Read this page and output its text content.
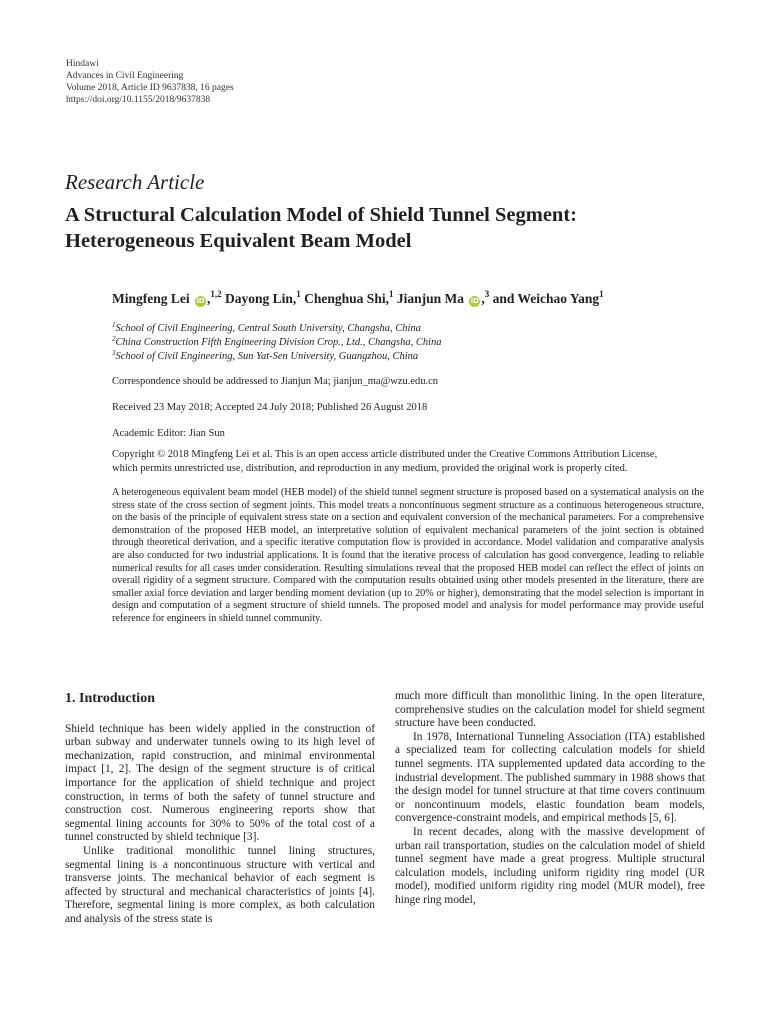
Hindawi
Advances in Civil Engineering
Volume 2018, Article ID 9637838, 16 pages
https://doi.org/10.1155/2018/9637838
Research Article
A Structural Calculation Model of Shield Tunnel Segment:
Heterogeneous Equivalent Beam Model
Mingfeng Lei iD ,$^{1,2}$ Dayong Lin,$^1$ Chenghua Shi,$^1$ Jianjun Ma iD ,$^3$ and Weichao Yang$^1$
$^1$School of Civil Engineering, Central South University, Changsha, China
$^2$China Construction Fifth Engineering Division Crop., Ltd., Changsha, China
$^3$School of Civil Engineering, Sun Yat-Sen University, Guangzhou, China
Correspondence should be addressed to Jianjun Ma; jianjun_ma@wzu.edu.cn
Received 23 May 2018; Accepted 24 July 2018; Published 26 August 2018
Academic Editor: Jian Sun
Copyright © 2018 Mingfeng Lei et al. This is an open access article distributed under the Creative Commons Attribution License,
which permits unrestricted use, distribution, and reproduction in any medium, provided the original work is properly cited.
A heterogeneous equivalent beam model (HEB model) of the shield tunnel segment structure is proposed based on a systematical analysis on the stress state of the cross section of segment joints. This model treats a noncontinuous segment structure as a continuous heterogeneous structure, on the basis of the principle of equivalent stress state on a section and equivalent conversion of the mechanical parameters. For a comprehensive demonstration of the proposed HEB model, an interpretative solution of equivalent mechanical parameters of the joint section is obtained through theoretical derivation, and a specific iterative computation flow is provided in accordance. Model validation and comparative analysis are also conducted for two industrial applications. It is found that the iterative process of calculation has good convergence, leading to reliable numerical results for all cases under consideration. Resulting simulations reveal that the proposed HEB model can reflect the effect of joints on overall rigidity of a segment structure. Compared with the computation results obtained using other models presented in the literature, there are smaller axial force deviation and larger bending moment deviation (up to 20% or higher), demonstrating that the model selection is important in design and computation of a segment structure of shield tunnels. The proposed model and analysis for model performance may provide useful reference for engineers in shield tunnel community.
1. Introduction

Shield technique has been widely applied in the construction of urban subway and underwater tunnels owing to its high level of mechanization, rapid construction, and minimal environmental impact [1, 2]. The design of the segment structure is of critical importance for the application of shield technique and project construction, in terms of both the safety of tunnel structure and construction cost. Numerous engineering reports show that segmental lining accounts for 30% to 50% of the total cost of a tunnel constructed by shield technique [3].

Unlike traditional monolithic tunnel lining structures, segmental lining is a noncontinuous structure with vertical and transverse joints. The mechanical behavior of each segment is affected by structural and mechanical characteristics of joints [4]. Therefore, segmental lining is more complex, as both calculation and analysis of the stress state is

much more difficult than monolithic lining. In the open literature, comprehensive studies on the calculation model for shield segment structure have been conducted.

In 1978, International Tunneling Association (ITA) established a specialized team for collecting calculation models for shield tunnel segments. ITA supplemented updated data according to the industrial development. The published summary in 1988 shows that the design model for tunnel structure at that time covers continuum or noncontinuum models, elastic foundation beam models, convergence-constraint models, and empirical methods [5, 6].

In recent decades, along with the massive development of urban rail transportation, studies on the calculation model of shield tunnel segment have made a great progress. Multiple structural calculation models, including uniform rigidity ring model (UR model), modified uniform rigidity ring model (MUR model), free hinge ring model,
